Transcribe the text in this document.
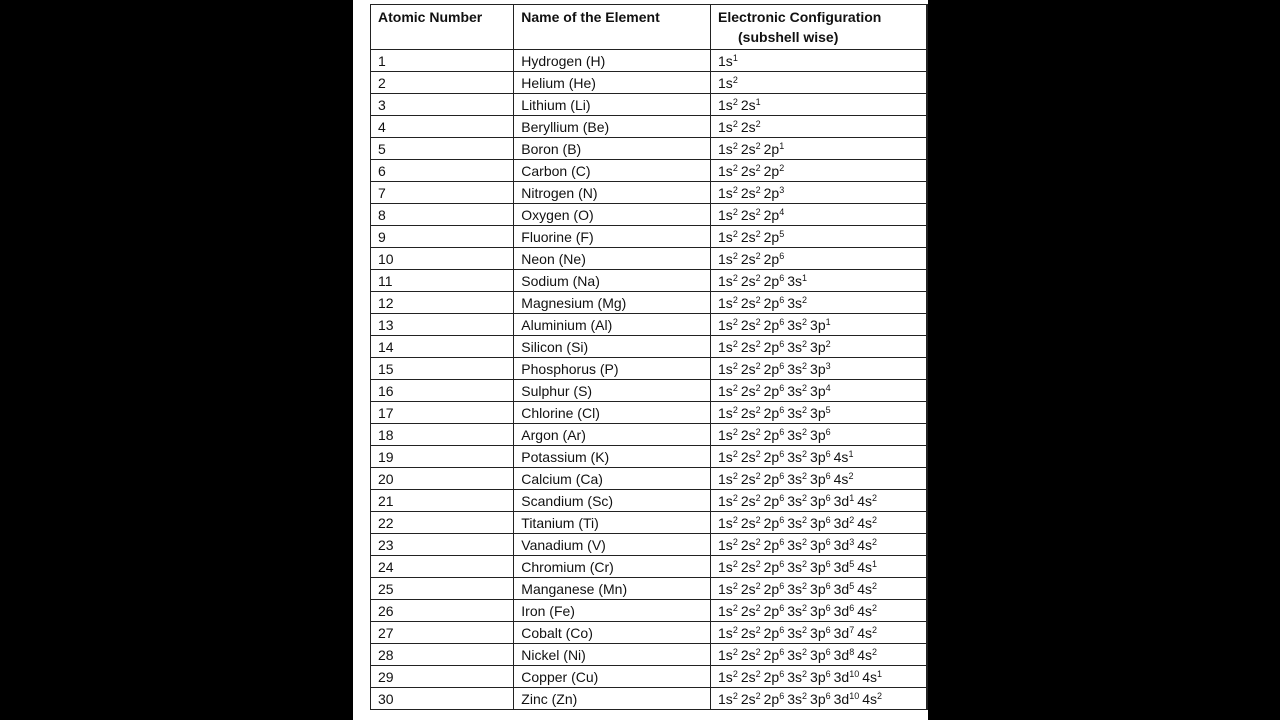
Atomic Number	Name of the Element	Electronic Configuration
(subshell wise)	

1	Hydrogen (H)	$1s^1$	
2	Helium (He)	$1s^2$	
3	Lithium (Li)	$1s^2$ $2s^1$	
4	Beryllium (Be)	$1s^2$ $2s^2$	
5	Boron (B)	$1s^2$ $2s^2$ $2p^1$	
6	Carbon (C)	$1s^2$ $2s^2$ $2p^2$	
7	Nitrogen (N)	$1s^2$ $2s^2$ $2p^3$	
8	Oxygen (O)	$1s^2$ $2s^2$ $2p^4$	
9	Fluorine (F)	$1s^2$ $2s^2$ $2p^5$	
10	Neon (Ne)	$1s^2$ $2s^2$ $2p^6$	
11	Sodium (Na)	$1s^2$ $2s^2$ $2p^6$ $3s^1$	
12	Magnesium (Mg)	$1s^2$ $2s^2$ $2p^6$ $3s^2$	
13	Aluminium (Al)	$1s^2$ $2s^2$ $2p^6$ $3s^2$ $3p^1$	
14	Silicon (Si)	$1s^2$ $2s^2$ $2p^6$ $3s^2$ $3p^2$	
15	Phosphorus (P)	$1s^2$ $2s^2$ $2p^6$ $3s^2$ $3p^3$	
16	Sulphur (S)	$1s^2$ $2s^2$ $2p^6$ $3s^2$ $3p^4$	
17	Chlorine (Cl)	$1s^2$ $2s^2$ $2p^6$ $3s^2$ $3p^5$	
18	Argon (Ar)	$1s^2$ $2s^2$ $2p^6$ $3s^2$ $3p^6$	
19	Potassium (K)	$1s^2$ $2s^2$ $2p^6$ $3s^2$ $3p^6$ $4s^1$	
20	Calcium (Ca)	$1s^2$ $2s^2$ $2p^6$ $3s^2$ $3p^6$ $4s^2$	
21	Scandium (Sc)	$1s^2$ $2s^2$ $2p^6$ $3s^2$ $3p^6$ $3d^1$ $4s^2$	
22	Titanium (Ti)	$1s^2$ $2s^2$ $2p^6$ $3s^2$ $3p^6$ $3d^2$ $4s^2$	
23	Vanadium (V)	$1s^2$ $2s^2$ $2p^6$ $3s^2$ $3p^6$ $3d^3$ $4s^2$	
24	Chromium (Cr)	$1s^2$ $2s^2$ $2p^6$ $3s^2$ $3p^6$ $3d^5$ $4s^1$	
25	Manganese (Mn)	$1s^2$ $2s^2$ $2p^6$ $3s^2$ $3p^6$ $3d^5$ $4s^2$	
26	Iron (Fe)	$1s^2$ $2s^2$ $2p^6$ $3s^2$ $3p^6$ $3d^6$ $4s^2$	
27	Cobalt (Co)	$1s^2$ $2s^2$ $2p^6$ $3s^2$ $3p^6$ $3d^7$ $4s^2$	
28	Nickel (Ni)	$1s^2$ $2s^2$ $2p^6$ $3s^2$ $3p^6$ $3d^8$ $4s^2$	
29	Copper (Cu)	$1s^2$ $2s^2$ $2p^6$ $3s^2$ $3p^6$ $3d^{10}$ $4s^1$	
30	Zinc (Zn)	$1s^2$ $2s^2$ $2p^6$ $3s^2$ $3p^6$ $3d^{10}$ $4s^2$	
